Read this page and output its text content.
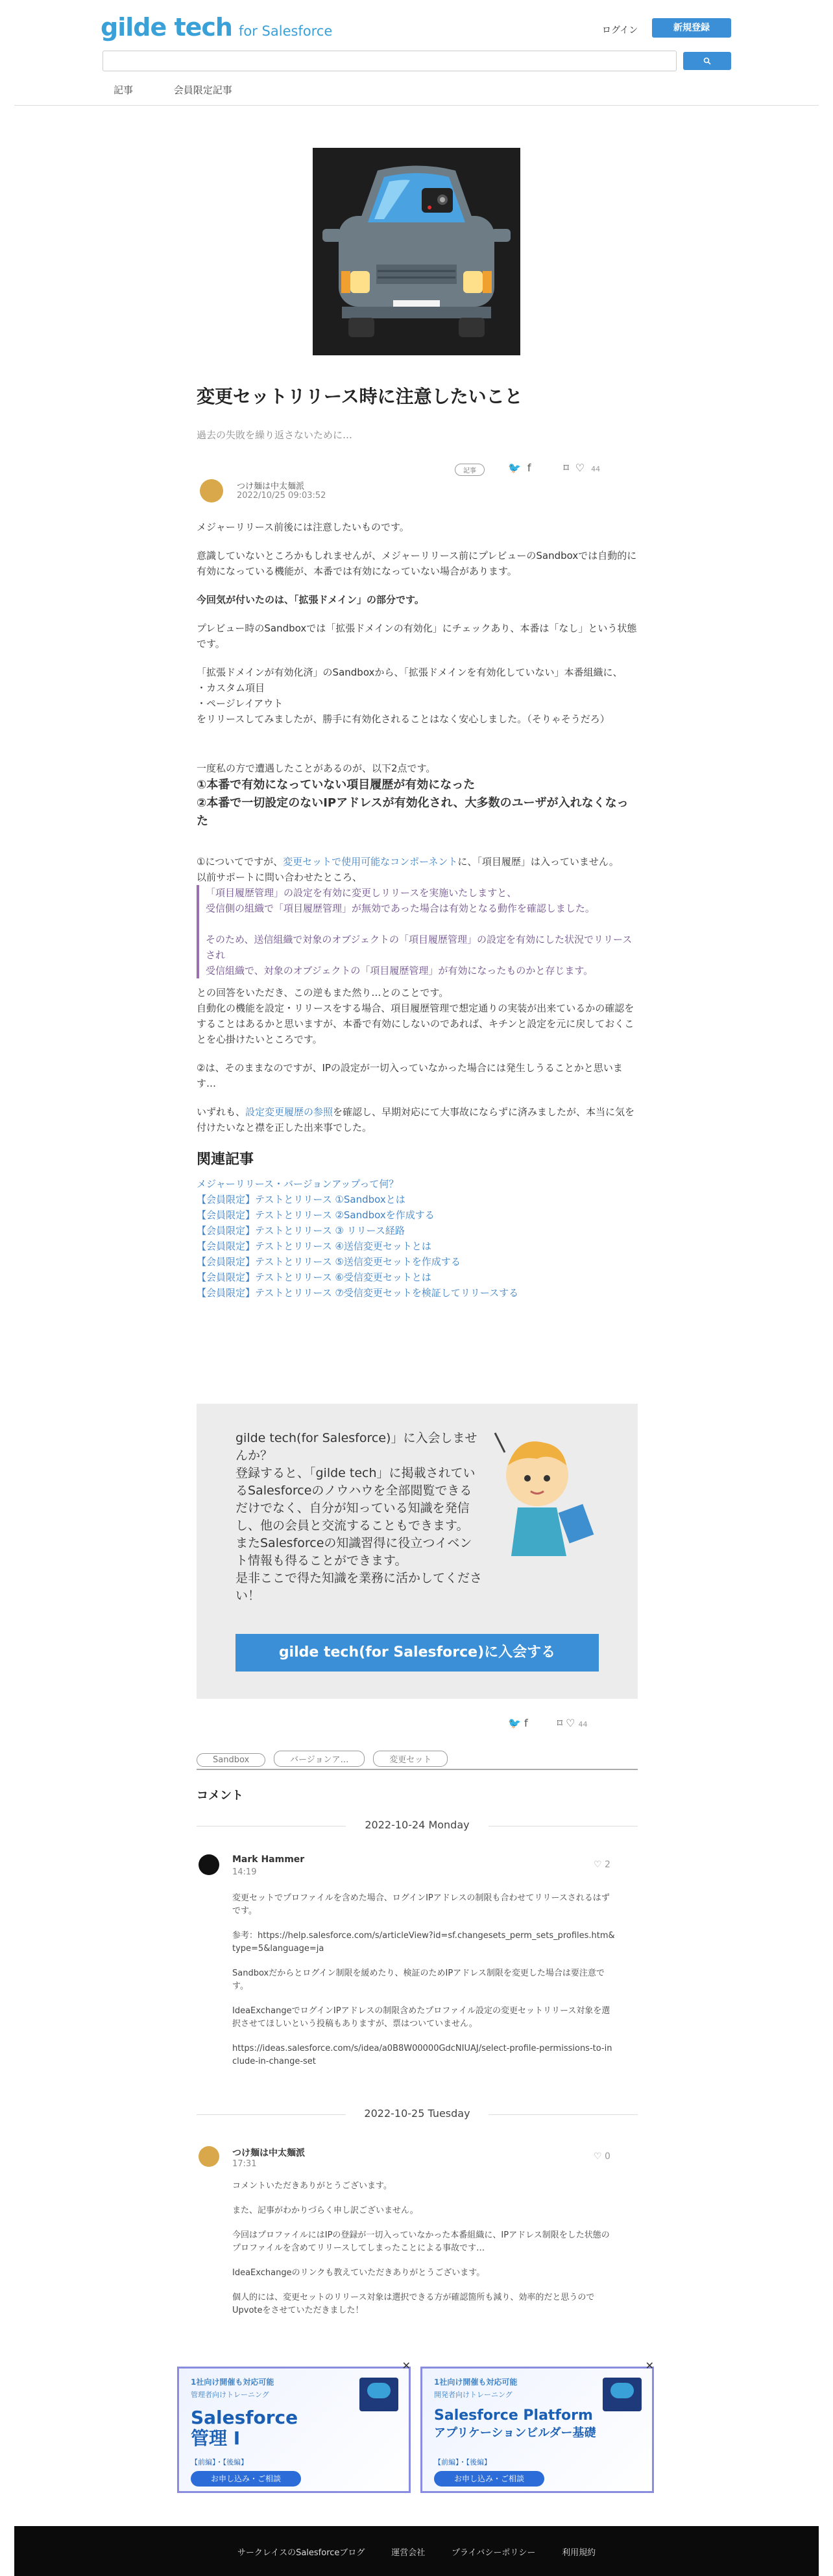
gilde tech for Salesforce	ログイン	新規登録
記事	会員限定記事
変更セットリリース時に注意したいこと
過去の失敗を繰り返さないために…
記事	🐦 f	⌑ ♡ 44
つけ麺は中太麺派
2022/10/25 09:03:52

メジャーリリース前後には注意したいものです。

意識していないところかもしれませんが、メジャーリリース前にプレビューのSandboxでは自動的に有効になっている機能が、本番では有効になっていない場合があります。

今回気が付いたのは、「拡張ドメイン」の部分です。

プレビュー時のSandboxでは「拡張ドメインの有効化」にチェックあり、本番は「なし」という状態です。

「拡張ドメインが有効化済」のSandboxから、「拡張ドメインを有効化していない」本番組織に、
・カスタム項目
・ページレイアウト
をリリースしてみましたが、勝手に有効化されることはなく安心しました。（そりゃそうだろ）

一度私の方で遭遇したことがあるのが、以下2点です。
①本番で有効になっていない項目履歴が有効になった
②本番で一切設定のないIPアドレスが有効化され、大多数のユーザが入れなくなった

①についてですが、変更セットで使用可能なコンポーネントに、「項目履歴」は入っていません。
以前サポートに問い合わせたところ、

「項目履歴管理」の設定を有効に変更しリリースを実施いたしますと、
受信側の組織で「項目履歴管理」が無効であった場合は有効となる動作を確認しました。

そのため、送信組織で対象のオブジェクトの「項目履歴管理」の設定を有効にした状況でリリースされ
受信組織で、対象のオブジェクトの「項目履歴管理」が有効になったものかと存じます。

との回答をいただき、この逆もまた然り…とのことです。
自動化の機能を設定・リリースをする場合、項目履歴管理で想定通りの実装が出来ているかの確認をすることはあるかと思いますが、本番で有効にしないのであれば、キチンと設定を元に戻しておくことを心掛けたいところです。

②は、そのままなのですが、IPの設定が一切入っていなかった場合には発生しうることかと思います…

いずれも、設定変更履歴の参照を確認し、早期対応にて大事故にならずに済みましたが、本当に気を付けたいなと襟を正した出来事でした。

関連記事
メジャーリリース・バージョンアップって何？
【会員限定】テストとリリース ①Sandboxとは
【会員限定】テストとリリース ②Sandboxを作成する
【会員限定】テストとリリース ③ リリース経路
【会員限定】テストとリリース ④送信変更セットとは
【会員限定】テストとリリース ⑤送信変更セットを作成する
【会員限定】テストとリリース ⑥受信変更セットとは
【会員限定】テストとリリース ⑦受信変更セットを検証してリリースする
gilde tech(for Salesforce)」に入会しませんか？
登録すると、「gilde tech」に掲載されているSalesforceのノウハウを全部閲覧できるだけでなく、自分が知っている知識を発信し、他の会員と交流することもできます。
またSalesforceの知識習得に役立つイベント情報も得ることができます。
是非ここで得た知識を業務に活かしてください！
gilde tech(for Salesforce)に入会する
🐦 f	⌑ ♡ 44
Sandbox	バージョンア…	変更セット
コメント
2022-10-24 Monday
Mark Hammer
14:19
♡ 2

変更セットでプロファイルを含めた場合、ログインIPアドレスの制限も合わせてリリースされるはずです。

参考：https://help.salesforce.com/s/articleView?id=sf.changesets_perm_sets_profiles.htm&type=5&language=ja

Sandboxだからとログイン制限を緩めたり、検証のためIPアドレス制限を変更した場合は要注意です。

IdeaExchangeでログインIPアドレスの制限含めたプロファイル設定の変更セットリリース対象を選択させてほしいという投稿もありますが、票はついていません。

https://ideas.salesforce.com/s/idea/a0B8W00000GdcNIUAJ/select-profile-permissions-to-include-in-change-set

2022-10-25 Tuesday
つけ麺は中太麺派
17:31
♡ 0

コメントいただきありがとうございます。

また、記事がわかりづらく申し訳ございません。

今回はプロファイルにはIPの登録が一切入っていなかった本番組織に、IPアドレス制限をした状態のプロファイルを含めてリリースしてしまったことによる事故です…

IdeaExchangeのリンクも教えていただきありがとうございます。

個人的には、変更セットのリリース対象は選択できる方が確認箇所も減り、効率的だと思うのでUpvoteをさせていただきました！

✕
1社向け開催も対応可能
管理者向けトレーニング
Salesforce
管理 I
【前編】・【後編】
お申し込み・ご相談
✕
1社向け開催も対応可能
開発者向けトレーニング
Salesforce Platform
アプリケーションビルダー基礎
【前編】・【後編】
お申し込み・ご相談
サークレイスのSalesforceブログ	運営会社	プライバシーポリシー	利用規約
